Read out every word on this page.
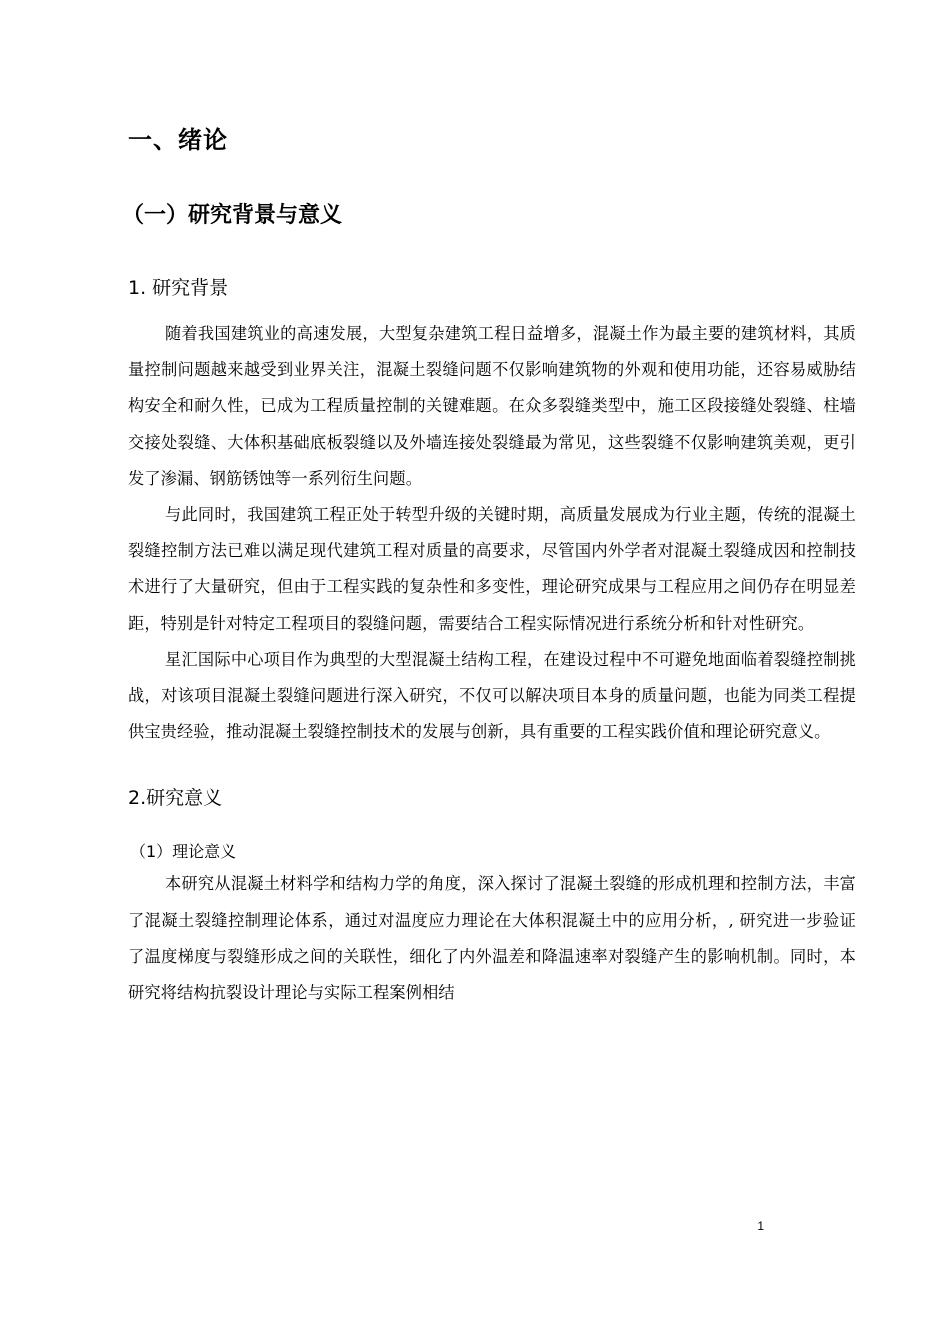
一、绪论
（一）研究背景与意义
1. 研究背景

随着我国建筑业的高速发展，大型复杂建筑工程日益增多，混凝土作为最主要的建筑材料，其质量控制问题越来越受到业界关注，混凝土裂缝问题不仅影响建筑物的外观和使用功能，还容易威胁结构安全和耐久性，已成为工程质量控制的关键难题。在众多裂缝类型中，施工区段接缝处裂缝、柱墙交接处裂缝、大体积基础底板裂缝以及外墙连接处裂缝最为常见，这些裂缝不仅影响建筑美观，更引发了渗漏、钢筋锈蚀等一系列衍生问题。

与此同时，我国建筑工程正处于转型升级的关键时期，高质量发展成为行业主题，传统的混凝土裂缝控制方法已难以满足现代建筑工程对质量的高要求，尽管国内外学者对混凝土裂缝成因和控制技术进行了大量研究，但由于工程实践的复杂性和多变性，理论研究成果与工程应用之间仍存在明显差距，特别是针对特定工程项目的裂缝问题，需要结合工程实际情况进行系统分析和针对性研究。

星汇国际中心项目作为典型的大型混凝土结构工程，在建设过程中不可避免地面临着裂缝控制挑战，对该项目混凝土裂缝问题进行深入研究，不仅可以解决项目本身的质量问题，也能为同类工程提供宝贵经验，推动混凝土裂缝控制技术的发展与创新，具有重要的工程实践价值和理论研究意义。

2.研究意义
（1）理论意义

本研究从混凝土材料学和结构力学的角度，深入探讨了混凝土裂缝的形成机理和控制方法，丰富了混凝土裂缝控制理论体系，通过对温度应力理论在大体积混凝土中的应用分析，, 研究进一步验证了温度梯度与裂缝形成之间的关联性，细化了内外温差和降温速率对裂缝产生的影响机制。同时，本研究将结构抗裂设计理论与实际工程案例相结

1
